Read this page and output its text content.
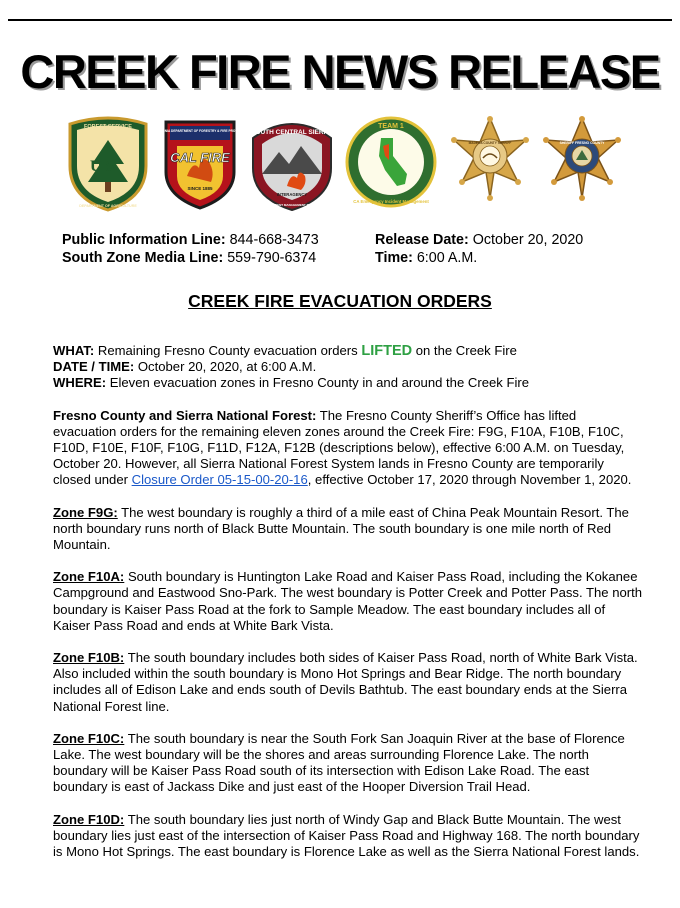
CREEK FIRE NEWS RELEASE
U S
FOREST SERVICE
DEPARTMENT OF AGRICULTURE
CALIFORNIA DEPARTMENT OF FORESTRY & FIRE PROTECTION
CAL FIRE
SINCE 1885
SOUTH CENTRAL SIERRA
INTERAGENCY
INCIDENT MANAGEMENT TEAM
TEAM 1
CA Emergency Incident Management
MADERA COUNTY SHERIFF	SHERIFF FRESNO COUNTY
Public Information Line: 844-668-3473
South Zone Media Line: 559-790-6374
Release Date: October 20, 2020
Time: 6:00 A.M.
CREEK FIRE EVACUATION ORDERS

WHAT: Remaining Fresno County evacuation orders LIFTED on the Creek Fire

DATE / TIME: October 20, 2020, at 6:00 A.M.

WHERE: Eleven evacuation zones in Fresno County in and around the Creek Fire

Fresno County and Sierra National Forest: The Fresno County Sheriff’s Office has lifted evacuation orders for the remaining eleven zones around the Creek Fire: F9G, F10A, F10B, F10C, F10D, F10E, F10F, F10G, F11D, F12A, F12B (descriptions below), effective 6:00 A.M. on Tuesday, October 20. However, all Sierra National Forest System lands in Fresno County are temporarily closed under Closure Order 05-15-00-20-16, effective October 17, 2020 through November 1, 2020.

Zone F9G: The west boundary is roughly a third of a mile east of China Peak Mountain Resort. The north boundary runs north of Black Butte Mountain. The south boundary is one mile north of Red Mountain.

Zone F10A: South boundary is Huntington Lake Road and Kaiser Pass Road, including the Kokanee Campground and Eastwood Sno-Park. The west boundary is Potter Creek and Potter Pass. The north boundary is Kaiser Pass Road at the fork to Sample Meadow. The east boundary includes all of Kaiser Pass Road and ends at White Bark Vista.

Zone F10B: The south boundary includes both sides of Kaiser Pass Road, north of White Bark Vista. Also included within the south boundary is Mono Hot Springs and Bear Ridge. The north boundary includes all of Edison Lake and ends south of Devils Bathtub. The east boundary ends at the Sierra National Forest line.

Zone F10C: The south boundary is near the South Fork San Joaquin River at the base of Florence Lake. The west boundary will be the shores and areas surrounding Florence Lake. The north boundary will be Kaiser Pass Road south of its intersection with Edison Lake Road. The east boundary is east of Jackass Dike and just east of the Hooper Diversion Trail Head.

Zone F10D: The south boundary lies just north of Windy Gap and Black Butte Mountain. The west boundary lies just east of the intersection of Kaiser Pass Road and Highway 168. The north boundary is Mono Hot Springs. The east boundary is Florence Lake as well as the Sierra National Forest lands.
